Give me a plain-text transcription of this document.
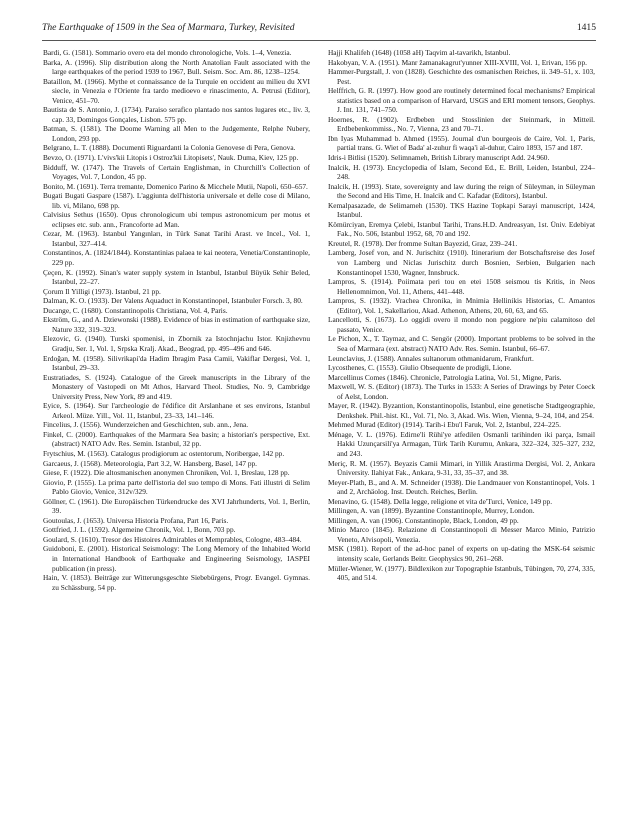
The Earthquake of 1509 in the Sea of Marmara, Turkey, Revisited	1415

Bardi, G. (1581). Sommario overo eta del mondo chronologiche, Vols. 1–4, Venezia.

Barka, A. (1996). Slip distribution along the North Anatolian Fault associated with the large earthquakes of the period 1939 to 1967, Bull. Seism. Soc. Am. 86, 1238–1254.

Bataillon, M. (1966). Mythe et connaissance de la Turquie en occident au milieu du XVI siecle, in Venezia e l'Oriente fra tardo medioevo e rinascimento, A. Petrusi (Editor), Venice, 451–70.

Bautista de S. Antonio, J. (1734). Paraiso serafico plantado nos santos lugares etc., liv. 3, cap. 33, Domingos Gonçales, Lisbon. 575 pp.

Batman, S. (1581). The Doome Warning all Men to the Judgemente, Relphe Nubery, London, 293 pp.

Belgrano, L. T. (1888). Documenti Riguardanti la Colonia Genovese di Pera, Genova.

Bevzo, O. (1971). L'vivs'kii Litopis i Ostroz'kii Litopisets', Nauk. Duma, Kiev, 125 pp.

Bidduff, W. (1747). The Travels of Certain Englishman, in Churchill's Collection of Voyages, Vol. 7, London, 45 pp.

Bonito, M. (1691). Terra tremante, Domenico Parino & Micchele Mutii, Napoli, 650–657.

Bugati Bugati Gaspare (1587). L'aggiunta dell'historia universale et delle cose di Milano, lib. vi, Milano, 698 pp.

Calvisius Sethus (1650). Opus chronologicum ubi tempus astronomicum per motus et eclipses etc. sub. ann., Francoforte ad Man.

Cezar, M. (1963). Istanbul Yangınları, in Türk Sanat Tarihi Arast. ve Incel., Vol. 1, Istanbul, 327–414.

Constantinos, A. (1824/1844). Konstantinias palaea te kai neotera, Venetia/Constantinople, 229 pp.

Çeçen, K. (1992). Sinan's water supply system in Istanbul, Istanbul Büyük Sehir Beled, Istanbul, 22–27.

Çorum Il Yilligi (1973). Istanbul, 21 pp.

Dalman, K. O. (1933). Der Valens Aquaduct in Konstantinopel, Istanbuler Forsch. 3, 80.

Ducange, C. (1680). Constantinopolis Christiana, Vol. 4, Paris.

Ekström, G., and A. Dziewonski (1988). Evidence of bias in estimation of earthquake size, Nature 332, 319–323.

Elezovic, G. (1940). Turski spomenisi, in Zbornik za Istochnjachu Istor. Knjizhevnu Gradju, Ser. 1, Vol. 1, Srpska Kralj. Akad., Beograd, pp. 495–496 and 646.

Erdoğan, M. (1958). Silivrikapi'da Hadim Ibragim Pasa Camii, Vakiflar Dergesi, Vol. 1, Istanbul, 29–33.

Eustratiades, S. (1924). Catalogue of the Greek manuscripts in the Library of the Monastery of Vastopedi on Mt Athos, Harvard Theol. Studies, No. 9, Cambridge University Press, New York, 89 and 419.

Eyice, S. (1964). Sur l'archeologie de l'édifice dit Arslanhane et ses environs, Istanbul Arkeol. Müze. Yill., Vol. 11, Istanbul, 23–33, 141–146.

Fincelius, J. (1556). Wunderzeichen and Geschichten, sub. ann., Jena.

Finkel, C. (2000). Earthquakes of the Marmara Sea basin; a historian's perspective, Ext. (abstract) NATO Adv. Res. Semin. Istanbul, 32 pp.

Frytschius, M. (1563). Catalogus prodigiorum ac ostentorum, Noribergae, 142 pp.

Garcaeus, J. (1568). Meteorologia, Part 3.2, W. Hansberg, Basel, 147 pp.

Giese, F. (1922). Die altosmanischen anonymen Chroniken, Vol. 1, Breslau, 128 pp.

Giovio, P. (1555). La prima parte dell'istoria del suo tempo di Mons. Fati illustri di Selim Pablo Giovio, Venice, 312v/329.

Göllner, C. (1961). Die Europäischen Türkendrucke des XVI Jahrhunderts, Vol. 1, Berlin, 39.

Goutoulas, J. (1653). Universa Historia Profana, Part 16, Paris.

Gottfried, J. L. (1592). Algemeine Chronik, Vol. 1, Bonn, 703 pp.

Goulard, S. (1610). Tresor des Histoires Admirables et Memprables, Cologne, 483–484.

Guidoboni, E. (2001). Historical Seismology: The Long Memory of the Inhabited World in International Handbook of Earthquake and Engineering Seismology, IASPEI publication (in press).

Hain, V. (1853). Beiträge zur Witterungsgeschte Siebebürgens, Progr. Evangel. Gymnas. zu Schässburg, 54 pp.

Hajji Khalifeh (1648) (1058 aH) Taqvim al-tavarikh, Istanbul.

Hakobyan, V. A. (1951). Manr žamanakagrut'yunner XIII-XVIII, Vol. 1, Erivan, 156 pp.

Hammer-Purgstall, J. von (1828). Geschichte des osmanischen Reiches, ii. 349–51, x. 103, Pest.

Helffrich, G. R. (1997). How good are routinely determined focal mechanisms? Empirical statistics based on a comparison of Harvard, USGS and ERI moment tensors, Geophys. J. Int. 131, 741–750.

Hoernes, R. (1902). Erdbeben und Stosslinien der Steinmark, in Mitteil. Erdbebenkommiss., No. 7, Vienna, 23 and 70–71.

Ibn Iyas Muhammad b. Ahmed (1955). Journal d'un bourgeois de Caire, Vol. 1, Paris, partial trans. G. Wiet of Bada' al-zuhur fi waqa'i al-duhur, Cairo 1893, 157 and 187.

Idris-i Bitlisi (1520). Selimnameh, British Library manuscript Add. 24.960.

Inalcik, H. (1973). Encyclopedia of Islam, Second Ed., E. Brill, Leiden, Istanbul, 224–248.

Inalcik, H. (1993). State, sovereignty and law during the reign of Süleyman, in Süleyman the Second and His Time, H. Inalcik and C. Kafadar (Editors), Istanbul.

Kemalpasazade, de Selimameh (1530). TKS Hazine Topkapi Sarayi manuscript, 1424, Istanbul.

Kömürciyan, Eremya Çelebi, Istanbul Tarihi, Trans.H.D. Andreasyan, 1st. Üniv. Edebiyat Fak., No. 506, Istanbul 1952, 68, 70 and 192.

Kreutel, R. (1978). Der fromme Sultan Bayezid, Graz, 239–241.

Lamberg, Josef von, and N. Jurischitz (1910). Itinerarium der Botschaftsreise des Josef von Lamberg und Niclas Jurischitz durch Bosnien, Serbien, Bulgarien nach Konstantinopel 1530, Wagner, Innsbruck.

Lampros, S. (1914). Poiimata peri tou en etei 1508 seismou tis Kritis, in Neos Hellenomnimon, Vol. 11, Athens, 441–448.

Lampros, S. (1932). Vrachea Chronika, in Mnimia Hellinikis Historias, C. Amantos (Editor), Vol. 1, Sakellariou, Akad. Athenon, Athens, 20, 60, 63, and 65.

Lancellotti, S. (1673). Lo oggidi overo il mondo non peggiore ne'piu calamitoso del passato, Venice.

Le Pichon, X., T. Taymaz, and C. Sengör (2000). Important problems to be solved in the Sea of Marmara (ext. abstract) NATO Adv. Res. Semin. Istanbul, 66–67.

Leunclavius, J. (1588). Annales sultanorum othmanidarum, Frankfurt.

Lycosthenes, C. (1553). Giulio Obsequente de prodigli, Lione.

Marcellinus Comes (1846). Chronicle, Patrologia Latina, Vol. 51, Migne, Paris.

Maxwell, W. S. (Editor) (1873). The Turks in 1533: A Series of Drawings by Peter Coeck of Aelst, London.

Mayer, R. (1942). Byzantion, Konstantinopolis, Istanbul, eine genetische Stadtgeographie, Denkshek. Phil.-hist. Kl., Vol. 71, No. 3, Akad. Wis. Wien, Vienna, 9–24, 104, and 254.

Mehmed Murad (Editor) (1914). Tarih-i Ebu'l Faruk, Vol. 2, Istanbul, 224–225.

Ménage, V. L. (1976). Edirne'li Rühi'ye atfedilen Osmanli tarihinden iki parça, Ismail Hakki Uzunçarsili'ya Armagan, Türk Tarih Kurumu, Ankara, 322–324, 325–327, 232, and 243.

Meriç, R. M. (1957). Beyazis Camii Mimari, in Yillik Arastirma Dergisi, Vol. 2, Ankara Üniversity. Ilahiyat Fak., Ankara, 9-31, 33, 35–37, and 38.

Meyer-Plath, B., and A. M. Schneider (1938). Die Landmauer von Konstantinopel, Vols. 1 and 2, Archäolog. Inst. Deutch. Reiches, Berlin.

Menavino, G. (1548). Della legge, religione et vita de'Turci, Venice, 149 pp.

Millingen, A. van (1899). Byzantine Constantinople, Murrey, London.

Millingen, A. van (1906). Constantinople, Black, London, 49 pp.

Minio Marco (1845). Relazione di Constantinopoli di Messer Marco Minio, Patrizio Veneto, Alvisopoli, Venezia.

MSK (1981). Report of the ad-hoc panel of experts on up-dating the MSK-64 seismic intensity scale, Gerlands Beitr. Geophysics 90, 261–268.

Müller-Wiener, W. (1977). Bildlexikon zur Topographie Istanbuls, Tübingen, 70, 274, 335, 405, and 514.
